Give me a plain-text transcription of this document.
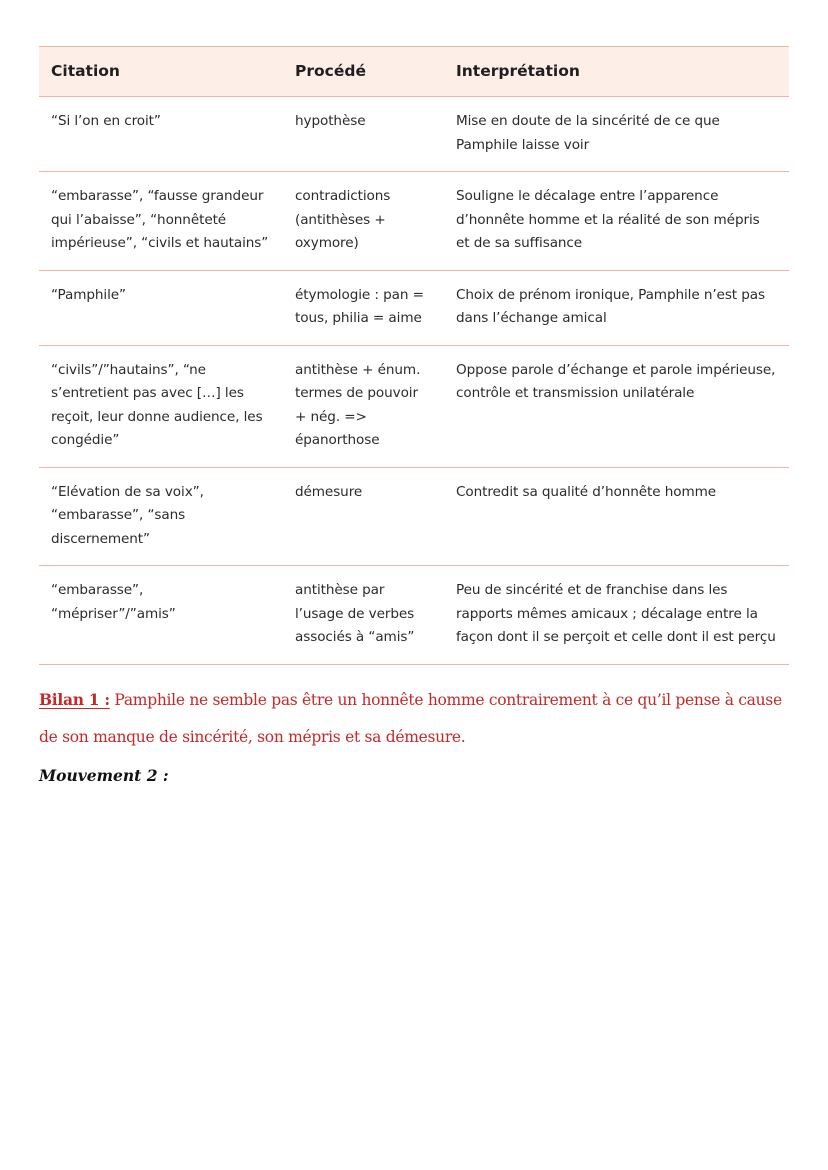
Citation	Procédé	Interprétation
“Si l’on en croit”	hypothèse	Mise en doute de la sincérité de ce que Pamphile laisse voir
“embarasse”, “fausse grandeur qui l’abaisse”, “honnêteté impérieuse”, “civils et hautains”	contradictions (antithèses + oxymore)	Souligne le décalage entre l’apparence d’honnête homme et la réalité de son mépris et de sa suffisance
“Pamphile”	étymologie : pan = tous, philia = aime	Choix de prénom ironique, Pamphile n’est pas dans l’échange amical
“civils”/”hautains”, “ne s’entretient pas avec […] les reçoit, leur donne audience, les congédie”	antithèse + énum. termes de pouvoir + nég. => épanorthose	Oppose parole d’échange et parole impérieuse, contrôle et transmission unilatérale
“Elévation de sa voix”, “embarasse”, “sans discernement”	démesure	Contredit sa qualité d’honnête homme
“embarasse”, “mépriser”/”amis”	antithèse par l’usage de verbes associés à “amis”	Peu de sincérité et de franchise dans les rapports mêmes amicaux ; décalage entre la façon dont il se perçoit et celle dont il est perçu

Bilan 1 : Pamphile ne semble pas être un honnête homme contrairement à ce qu’il pense à cause de son manque de sincérité, son mépris et sa démesure.

Mouvement 2 :
